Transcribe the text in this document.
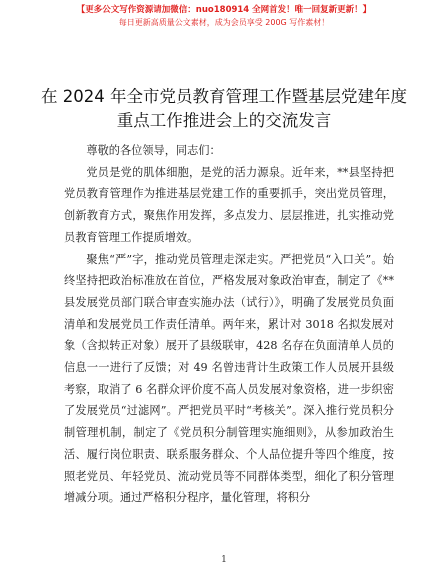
【更多公文写作资源请加微信：nuo180914 全网首发！唯一回复新更新！】
每日更新高质量公文素材，成为会员享受 200G 写作素材！
在 2024 年全市党员教育管理工作暨基层党建年度重点工作推进会上的交流发言

尊敬的各位领导，同志们：

党员是党的肌体细胞，是党的活力源泉。近年来，**县坚持把党员教育管理作为推进基层党建工作的重要抓手，突出党员管理，创新教育方式，聚焦作用发挥，多点发力、层层推进，扎实推动党员教育管理工作提质增效。

聚焦“严”字，推动党员管理走深走实。严把党员“入口关”。始终坚持把政治标准放在首位，严格发展对象政治审查，制定了《**县发展党员部门联合审查实施办法（试行）》，明确了发展党员负面清单和发展党员工作责任清单。两年来，累计对 3018 名拟发展对象（含拟转正对象）展开了县级联审，428 名存在负面清单人员的信息一一进行了反馈；对 49 名曾违背计生政策工作人员展开县级考察，取消了 6 名群众评价度不高人员发展对象资格，进一步织密了发展党员“过滤网”。严把党员平时“考核关”。深入推行党员积分制管理机制，制定了《党员积分制管理实施细则》，从参加政治生活、履行岗位职责、联系服务群众、个人品位提升等四个维度，按照老党员、年轻党员、流动党员等不同群体类型，细化了积分管理增减分项。通过严格积分程序，量化管理，将积分

1
